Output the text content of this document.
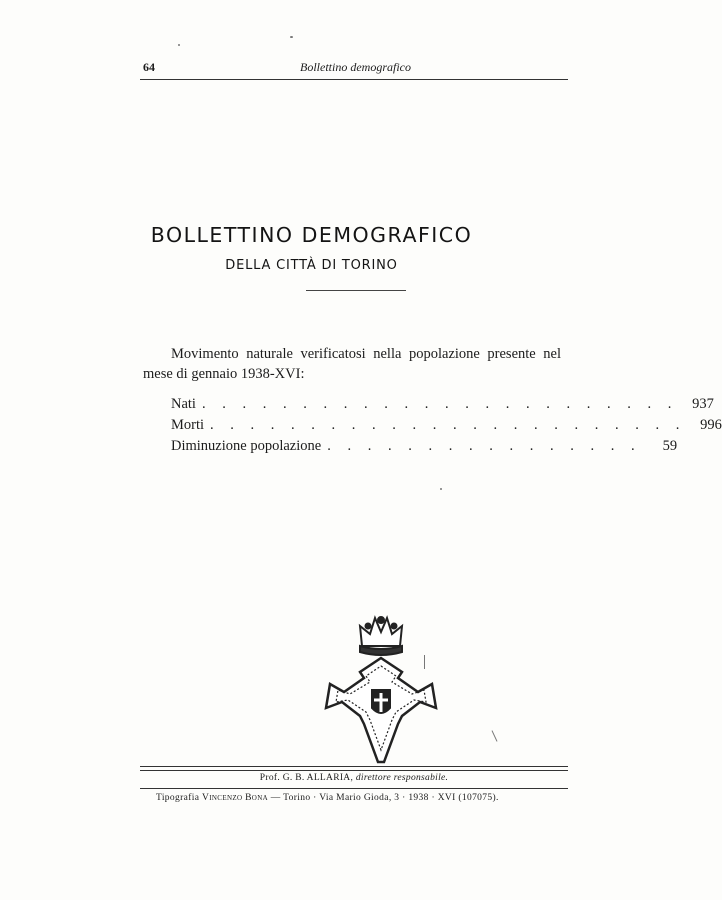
64	Bollettino demografico
BOLLETTINO DEMOGRAFICO
DELLA CITTÀ DI TORINO
Movimento naturale verificatosi nella popolazione presente nel mese di gennaio 1938-XVI:
Nati . . . . . . . . . . . . . . . . . . . . . . . . 937
Morti . . . . . . . . . . . . . . . . . . . . . . . . 996
Diminuzione popolazione . . . . . . . . . . . . . . . .	59
Prof. G. B. ALLARIA, direttore responsabile.
Tipografia Vincenzo Bona — Torino · Via Mario Gioda, 3 · 1938 · XVI (107075).
